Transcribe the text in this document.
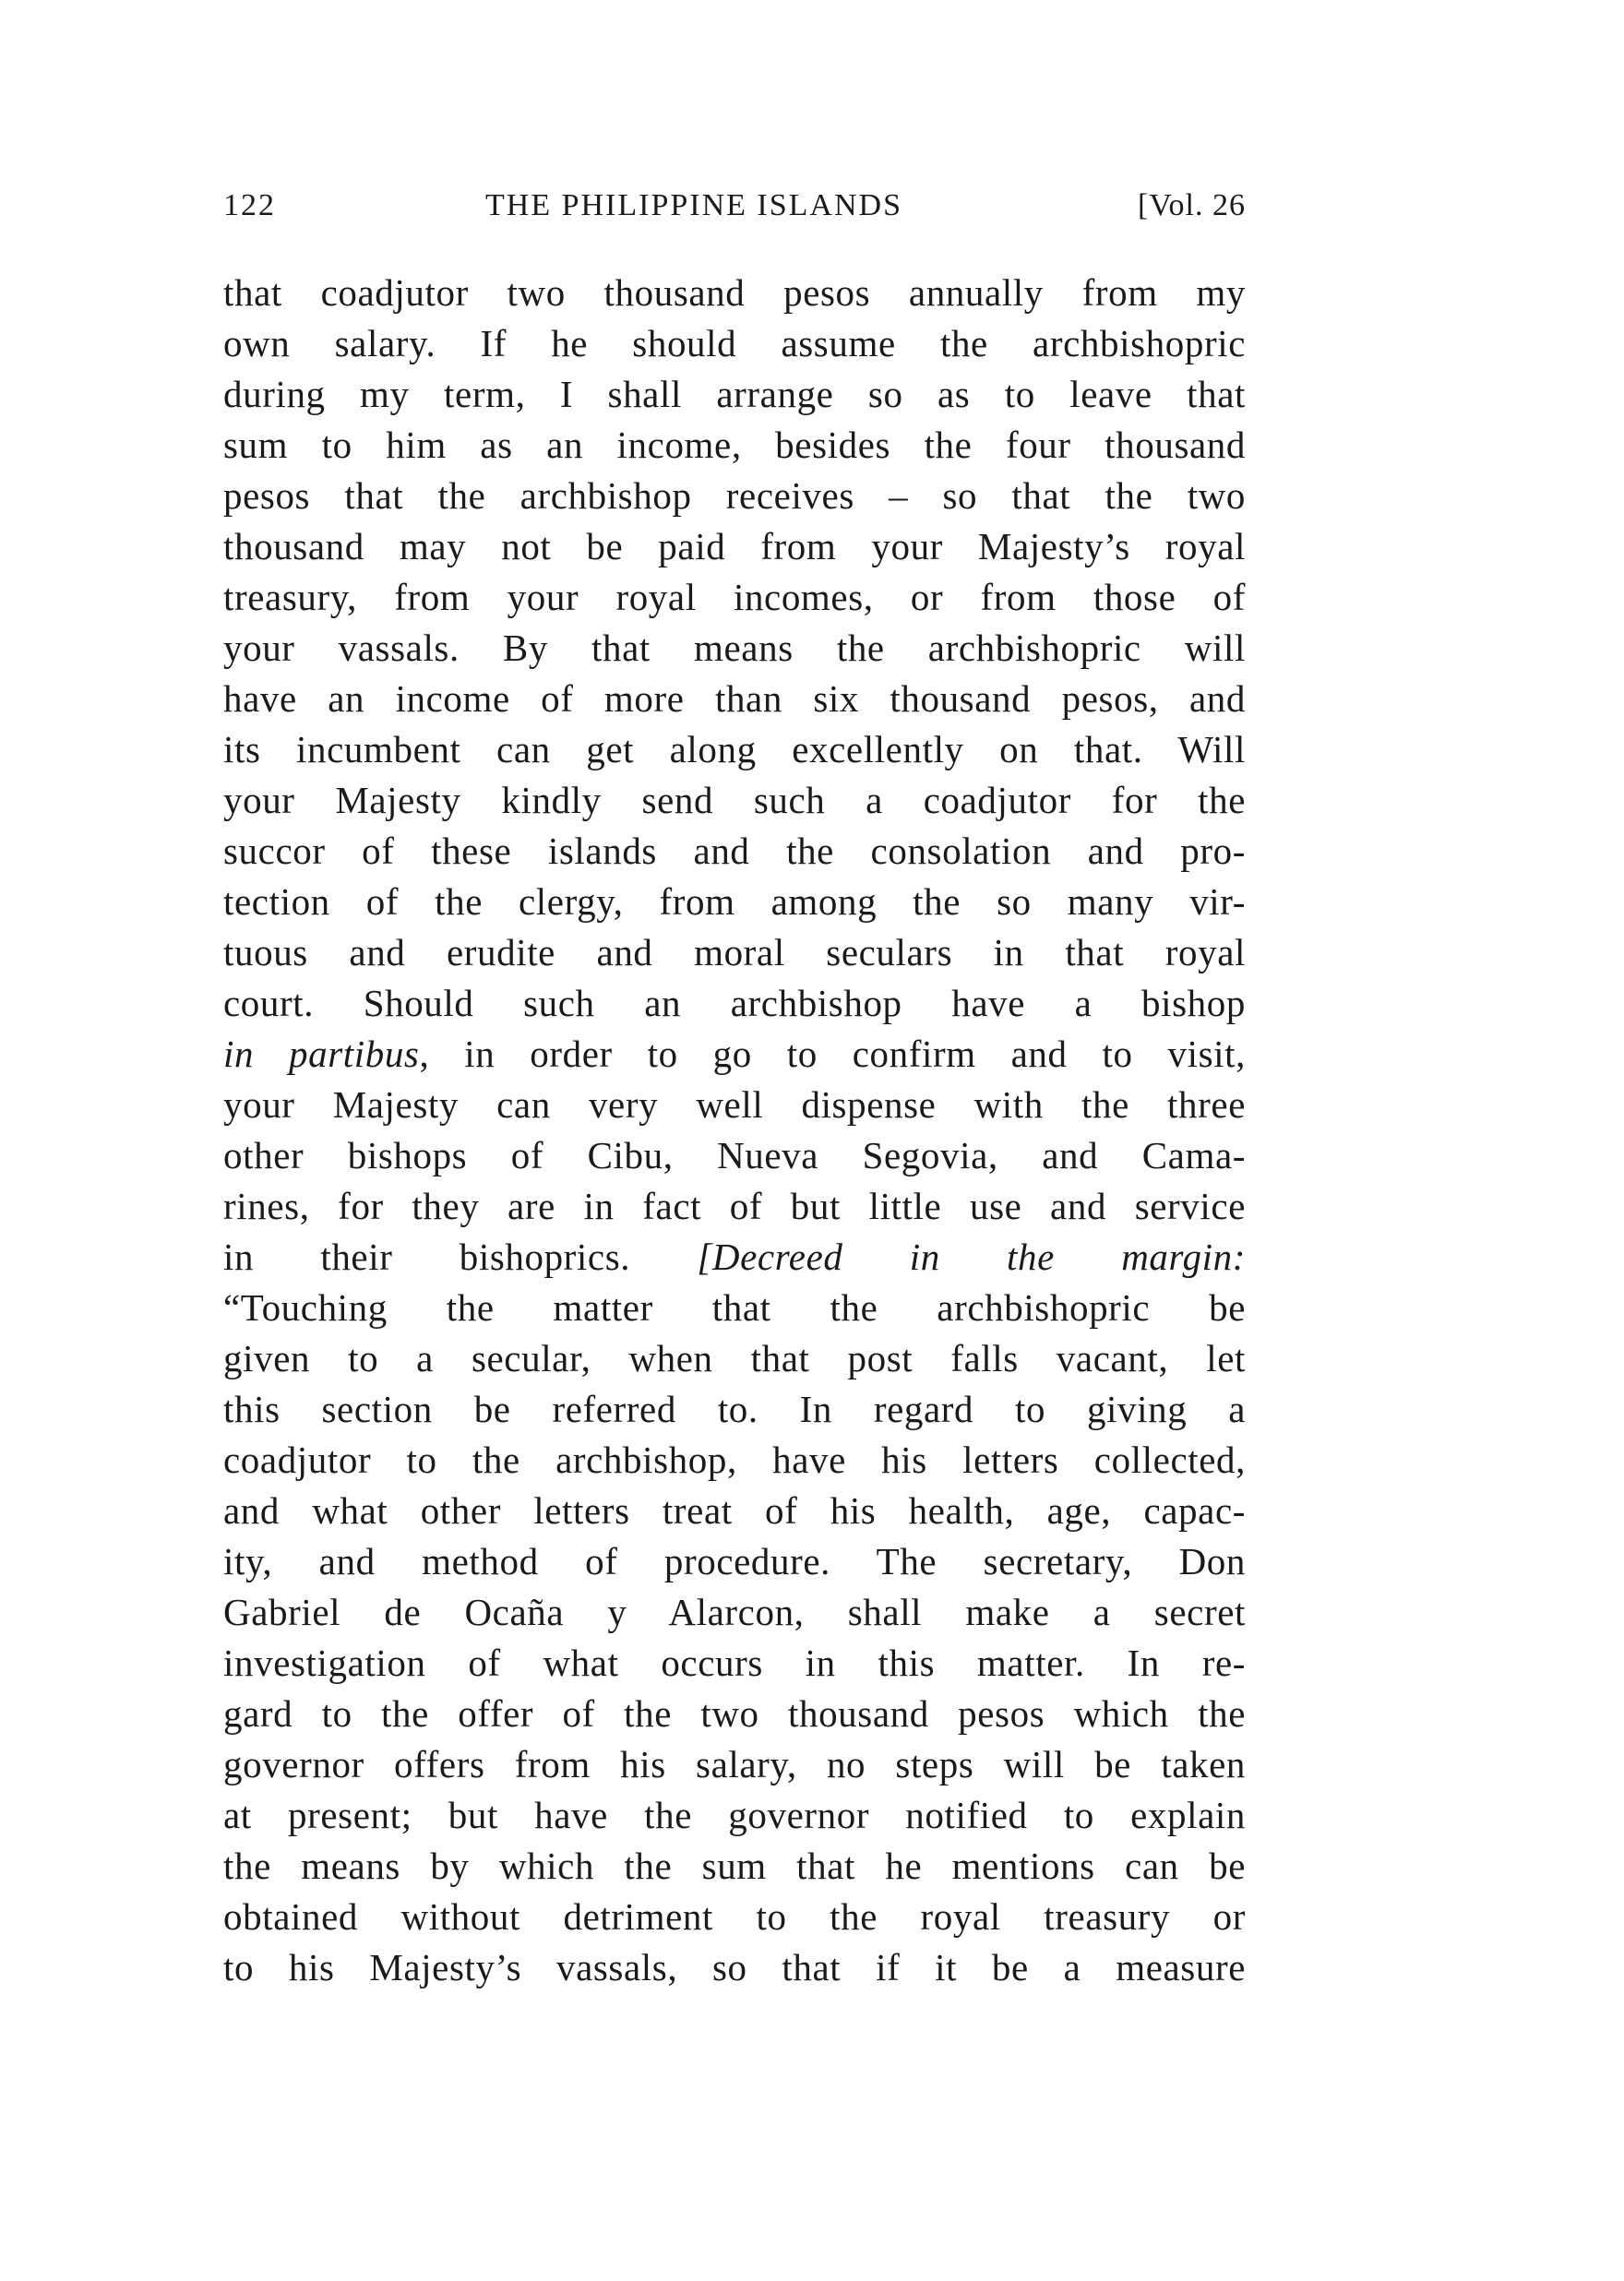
122	THE PHILIPPINE ISLANDS	[Vol. 26
that coadjutor two thousand pesos annually from my
own salary. If he should assume the archbishopric
during my term, I shall arrange so as to leave that
sum to him as an income, besides the four thousand
pesos that the archbishop receives – so that the two
thousand may not be paid from your Majesty’s royal
treasury, from your royal incomes, or from those of
your vassals. By that means the archbishopric will
have an income of more than six thousand pesos, and
its incumbent can get along excellently on that. Will
your Majesty kindly send such a coadjutor for the
succor of these islands and the consolation and pro-
tection of the clergy, from among the so many vir-
tuous and erudite and moral seculars in that royal
court. Should such an archbishop have a bishop
in partibus, in order to go to confirm and to visit,
your Majesty can very well dispense with the three
other bishops of Cibu, Nueva Segovia, and Cama-
rines, for they are in fact of but little use and service
in their bishoprics. [Decreed in the margin:
“Touching the matter that the archbishopric be
given to a secular, when that post falls vacant, let
this section be referred to. In regard to giving a
coadjutor to the archbishop, have his letters collected,
and what other letters treat of his health, age, capac-
ity, and method of procedure. The secretary, Don
Gabriel de Ocaña y Alarcon, shall make a secret
investigation of what occurs in this matter. In re-
gard to the offer of the two thousand pesos which the
governor offers from his salary, no steps will be taken
at present; but have the governor notified to explain
the means by which the sum that he mentions can be
obtained without detriment to the royal treasury or
to his Majesty’s vassals, so that if it be a measure
